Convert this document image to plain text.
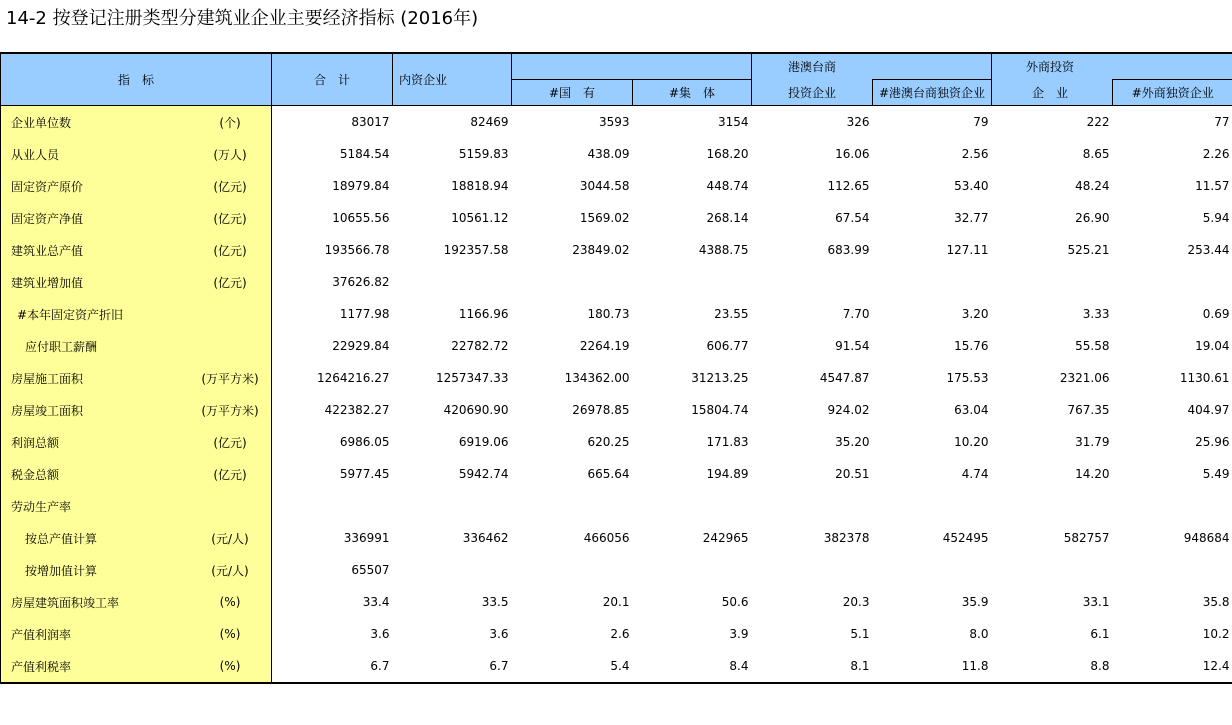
14-2 按登记注册类型分建筑业企业主要经济指标 (2016年)
指　标	合　计	内资企业			港澳台商		外商投资	
			#国　有	#集　体	投资企业	#港澳台商独资企业	企　业	#外商独资企业

企业单位数 (个)	83017	82469	3593	3154	326	79	222	77

从业人员 (万人)	5184.54	5159.83	438.09	168.20	16.06	2.56	8.65	2.26

固定资产原价 (亿元)	18979.84	18818.94	3044.58	448.74	112.65	53.40	48.24	11.57

固定资产净值 (亿元)	10655.56	10561.12	1569.02	268.14	67.54	32.77	26.90	5.94

建筑业总产值 (亿元)	193566.78	192357.58	23849.02	4388.75	683.99	127.11	525.21	253.44

建筑业增加值 (亿元)	37626.82							

#本年固定资产折旧	1177.98	1166.96	180.73	23.55	7.70	3.20	3.33	0.69

应付职工薪酬	22929.84	22782.72	2264.19	606.77	91.54	15.76	55.58	19.04

房屋施工面积 (万平方米)	1264216.27	1257347.33	134362.00	31213.25	4547.87	175.53	2321.06	1130.61

房屋竣工面积 (万平方米)	422382.27	420690.90	26978.85	15804.74	924.02	63.04	767.35	404.97

利润总额 (亿元)	6986.05	6919.06	620.25	171.83	35.20	10.20	31.79	25.96

税金总额 (亿元)	5977.45	5942.74	665.64	194.89	20.51	4.74	14.20	5.49

劳动生产率								

按总产值计算 (元/人)	336991	336462	466056	242965	382378	452495	582757	948684

按增加值计算 (元/人)	65507							

房屋建筑面积竣工率 (%)	33.4	33.5	20.1	50.6	20.3	35.9	33.1	35.8

产值利润率 (%)	3.6	3.6	2.6	3.9	5.1	8.0	6.1	10.2

产值利税率 (%)	6.7	6.7	5.4	8.4	8.1	11.8	8.8	12.4
